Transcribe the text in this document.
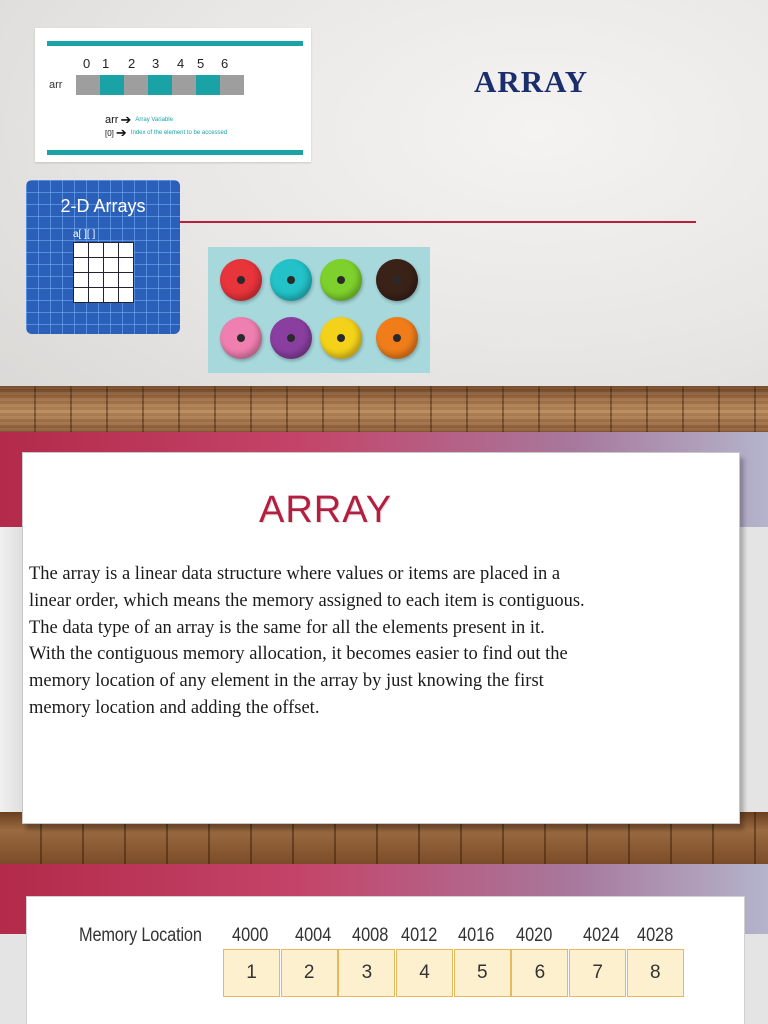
0 1 2 3 4 5 6
arr
arr ➔ Array Variable
[0] ➔ Index of the element to be accessed
ARRAY
2-D Arrays
a[ ][ ]
ARRAY
The array is a linear data structure where values or items are placed in a
linear order, which means the memory assigned to each item is contiguous.
The data type of an array is the same for all the elements present in it.
With the contiguous memory allocation, it becomes easier to find out the
memory location of any element in the array by just knowing the first
memory location and adding the offset.
Memory Location 4000 4004 4008 4012 4016 4020 4024 4028
1	2	3	4	5	6	7	8
